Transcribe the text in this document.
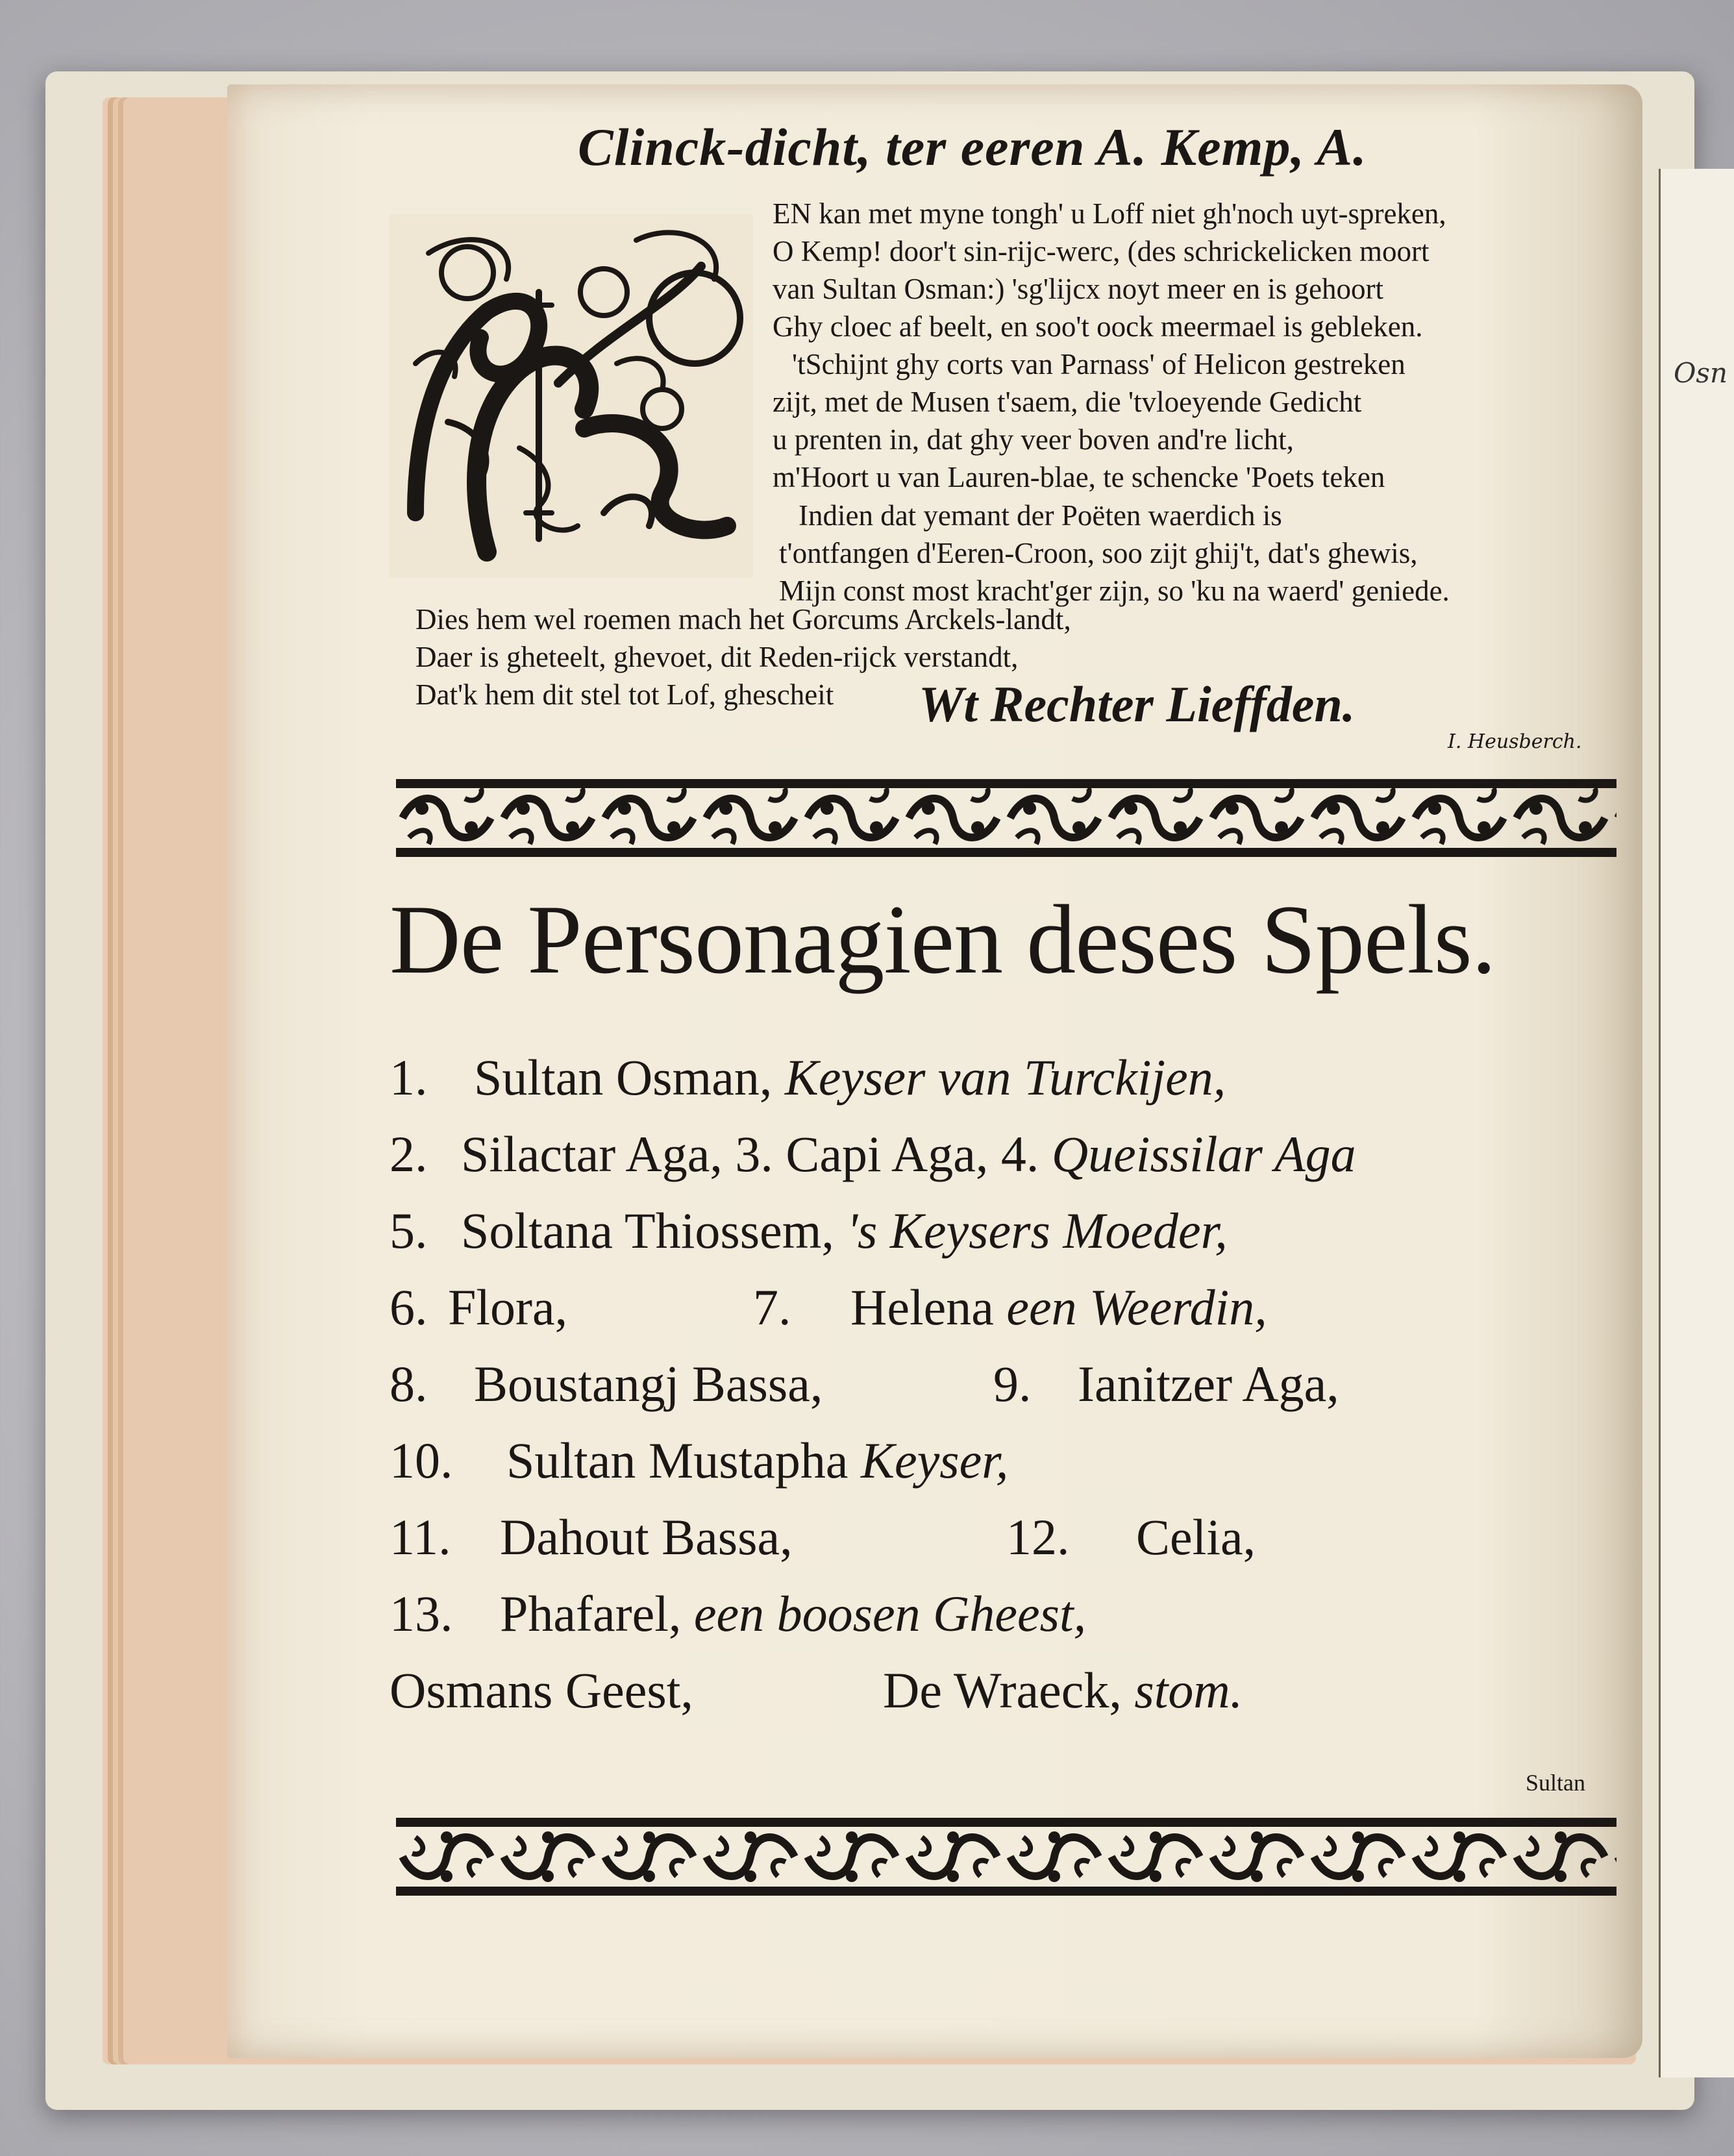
Osn
Clinck-dicht, ter eeren A. Kemp, A.
EN kan met myne tongh' u Loff niet gh'noch uyt-spreken,
O Kemp! door't sin-rijc-werc, (des schrickelicken moort
van Sultan Osman:) 'sg'lijcx noyt meer en is gehoort
Ghy cloec af beelt, en soo't oock meermael is gebleken.
'tSchijnt ghy corts van Parnass' of Helicon gestreken
zijt, met de Musen t'saem, die 'tvloeyende Gedicht
u prenten in, dat ghy veer boven and're licht,
m'Hoort u van Lauren-blae, te schencke 'Poets teken
Indien dat yemant der Poëten waerdich is
t'ontfangen d'Eeren-Croon, soo zijt ghij't, dat's ghewis,
Mijn const most kracht'ger zijn, so 'ku na waerd' geniede.
Dies hem wel roemen mach het Gorcums Arckels-landt,
Daer is gheteelt, ghevoet, dit Reden-rijck verstandt,
Dat'k hem dit stel tot Lof, ghescheit	Wt Rechter Lieffden.

I. Heusberch.
De Personagien deses Spels.
1. Sultan Osman, Keyser van Turckijen,
2. Silactar Aga, 3. Capi Aga, 4. Queissilar Aga
5. Soltana Thiossem, 's Keysers Moeder,
6. Flora,	7. Helena een Weerdin,
8. Boustangj Bassa,	9. Ianitzer Aga,
10. Sultan Mustapha Keyser,
11. Dahout Bassa,	12. Celia,
13. Phafarel, een boosen Gheest,
Osmans Geest,	De Wraeck, stom.
Sultan
